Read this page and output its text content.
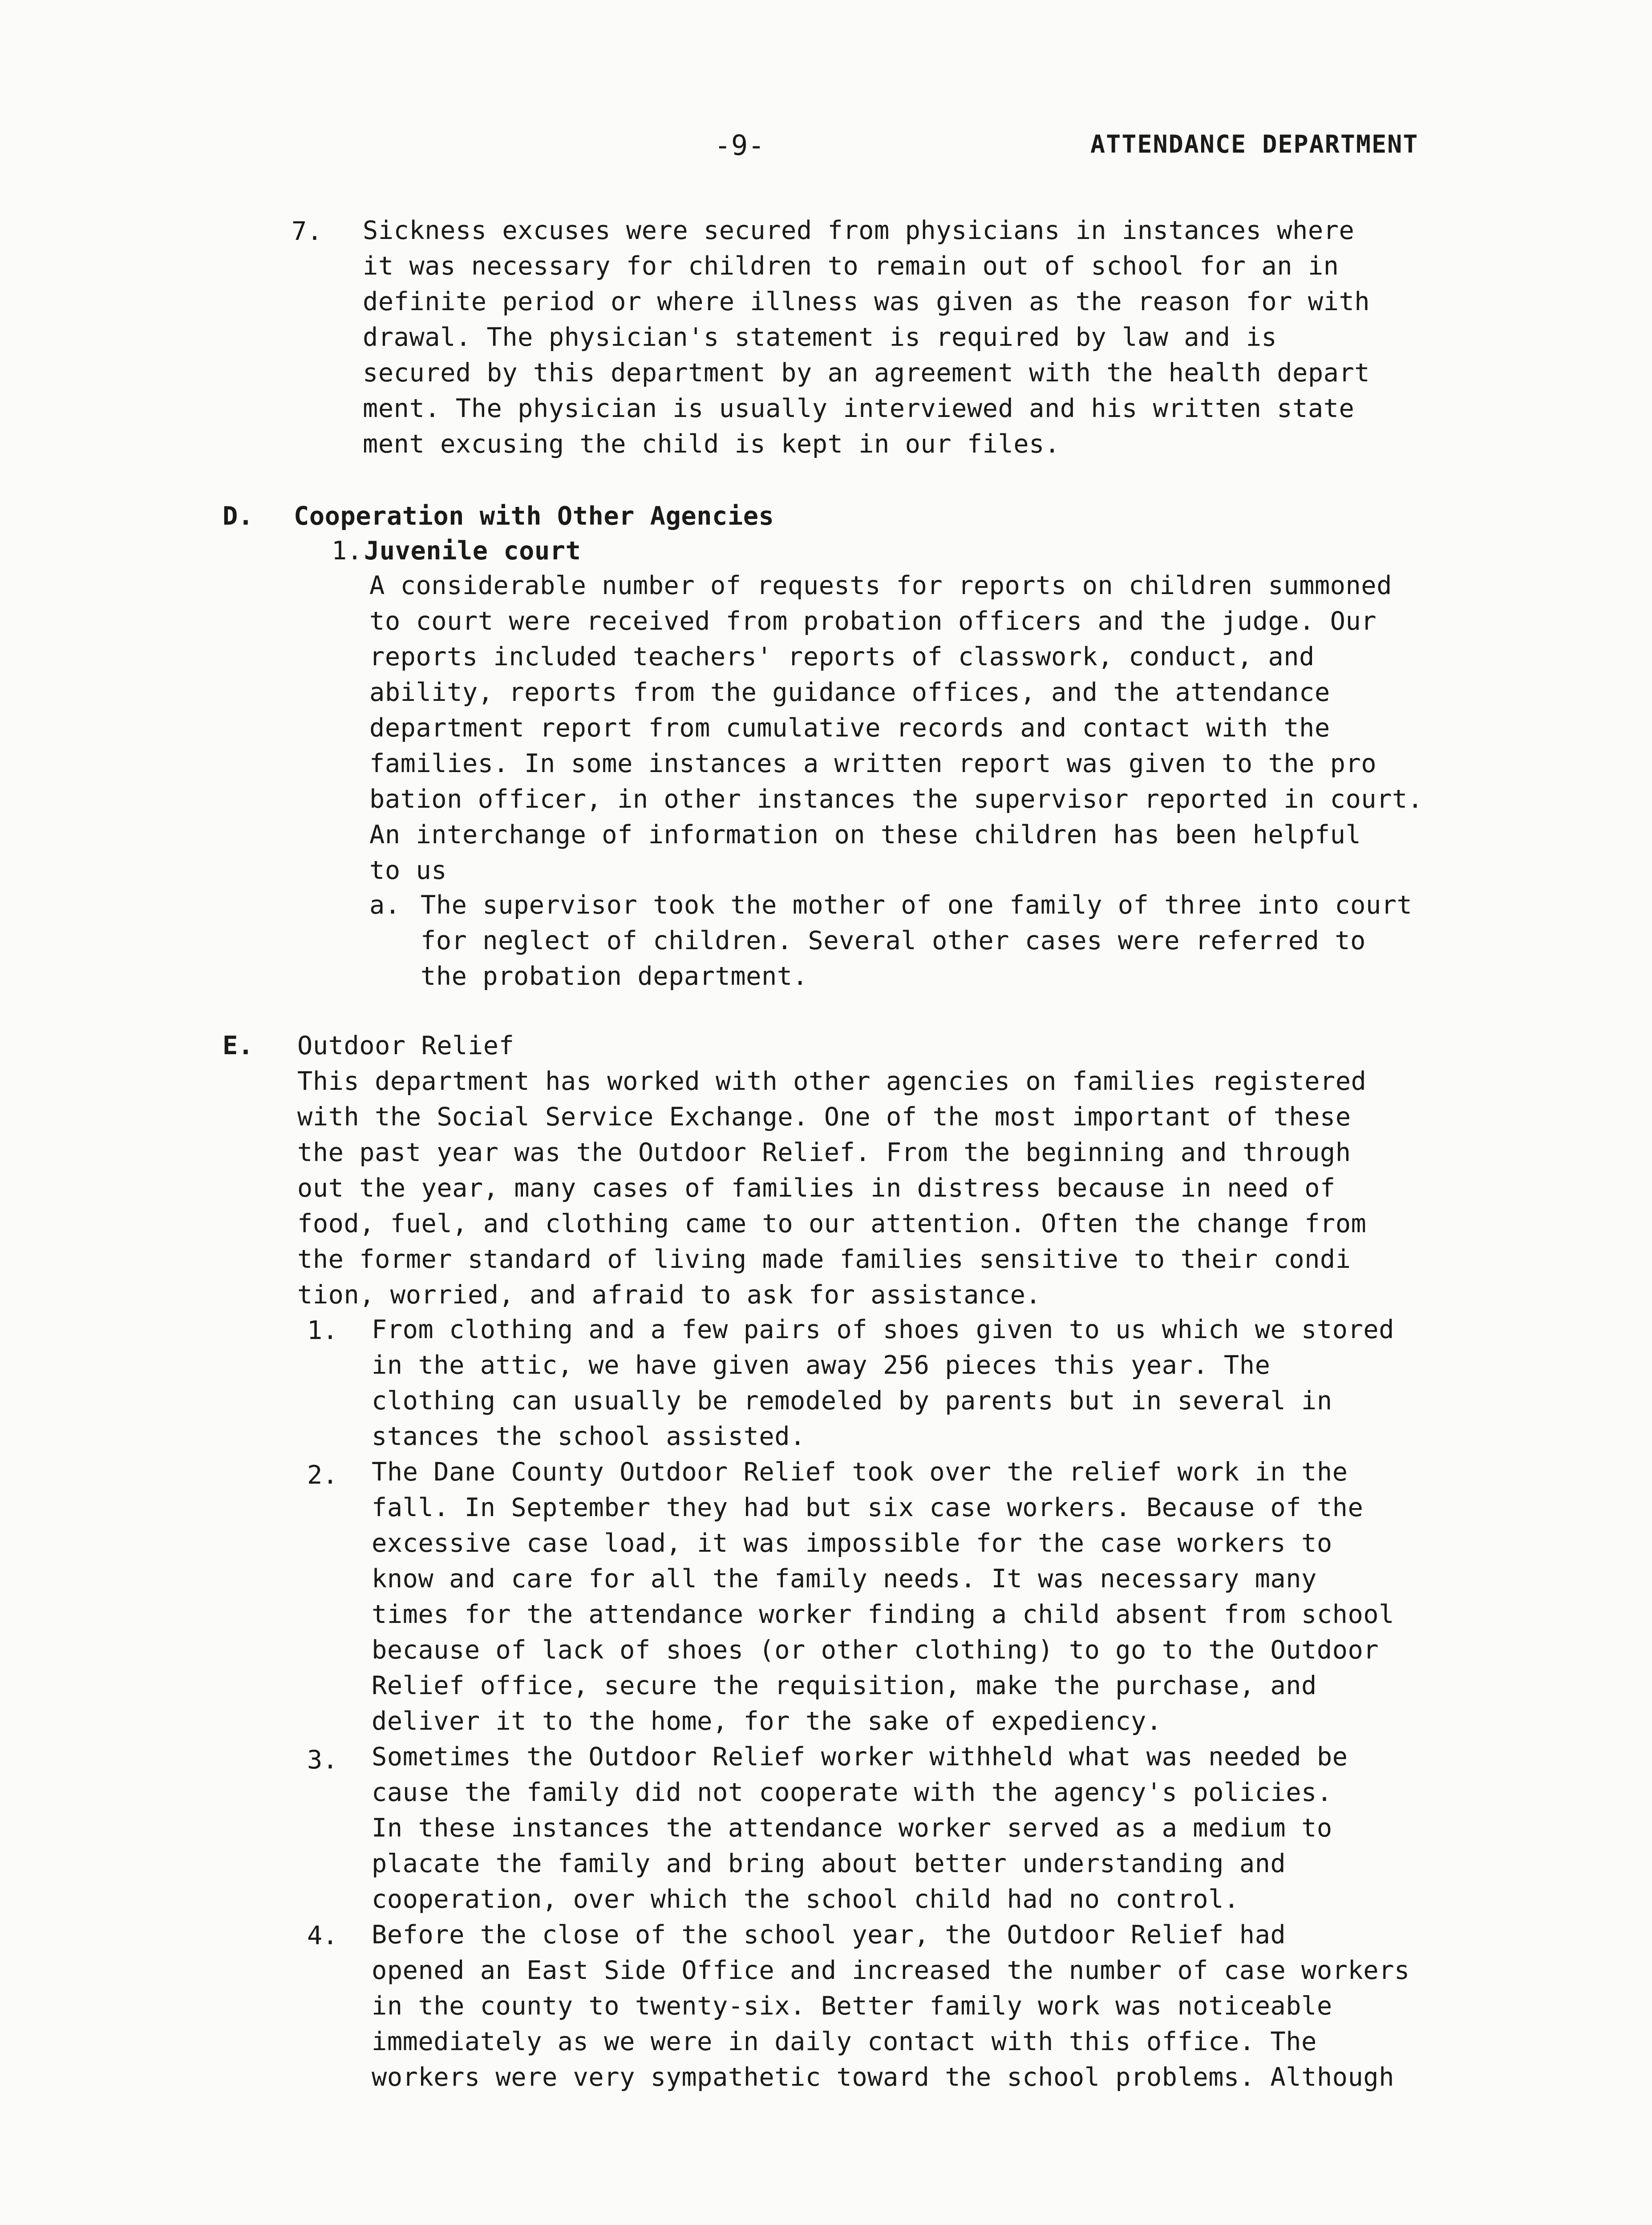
-9-	ATTENDANCE DEPARTMENT
7. Sickness excuses were secured from physicians in instances where
it was necessary for children to remain out of school for an in
definite period or where illness was given as the reason for with
drawal. The physician's statement is required by law and is
secured by this department by an agreement with the health depart
ment. The physician is usually interviewed and his written state
ment excusing the child is kept in our files.
D. Cooperation with Other Agencies
1. Juvenile court
A considerable number of requests for reports on children summoned
to court were received from probation officers and the judge. Our
reports included teachers' reports of classwork, conduct, and
ability, reports from the guidance offices, and the attendance
department report from cumulative records and contact with the
families. In some instances a written report was given to the pro
bation officer, in other instances the supervisor reported in court.
An interchange of information on these children has been helpful
to us
a. The supervisor took the mother of one family of three into court
for neglect of children. Several other cases were referred to
the probation department.
E. Outdoor Relief
This department has worked with other agencies on families registered
with the Social Service Exchange. One of the most important of these
the past year was the Outdoor Relief. From the beginning and through
out the year, many cases of families in distress because in need of
food, fuel, and clothing came to our attention. Often the change from
the former standard of living made families sensitive to their condi
tion, worried, and afraid to ask for assistance.
1. From clothing and a few pairs of shoes given to us which we stored
in the attic, we have given away 256 pieces this year. The
clothing can usually be remodeled by parents but in several in
stances the school assisted.
2. The Dane County Outdoor Relief took over the relief work in the
fall. In September they had but six case workers. Because of the
excessive case load, it was impossible for the case workers to
know and care for all the family needs. It was necessary many
times for the attendance worker finding a child absent from school
because of lack of shoes (or other clothing) to go to the Outdoor
Relief office, secure the requisition, make the purchase, and
deliver it to the home, for the sake of expediency.
3. Sometimes the Outdoor Relief worker withheld what was needed be
cause the family did not cooperate with the agency's policies.
In these instances the attendance worker served as a medium to
placate the family and bring about better understanding and
cooperation, over which the school child had no control.
4. Before the close of the school year, the Outdoor Relief had
opened an East Side Office and increased the number of case workers
in the county to twenty-six. Better family work was noticeable
immediately as we were in daily contact with this office. The
workers were very sympathetic toward the school problems. Although
